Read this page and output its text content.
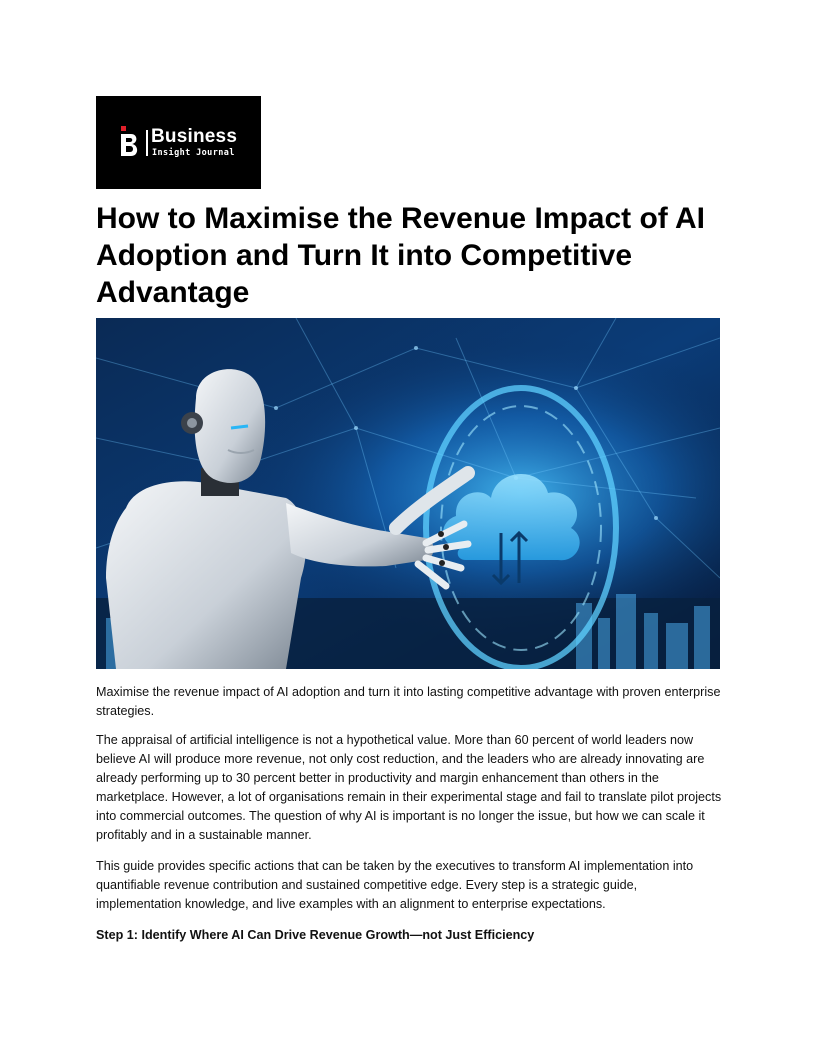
Business
Insight Journal
How to Maximise the Revenue Impact of AI Adoption and Turn It into Competitive Advantage

Maximise the revenue impact of AI adoption and turn it into lasting competitive advantage with proven enterprise strategies.

The appraisal of artificial intelligence is not a hypothetical value. More than 60 percent of world leaders now believe AI will produce more revenue, not only cost reduction, and the leaders who are already innovating are already performing up to 30 percent better in productivity and margin enhancement than others in the marketplace. However, a lot of organisations remain in their experimental stage and fail to translate pilot projects into commercial outcomes. The question of why AI is important is no longer the issue, but how we can scale it profitably and in a sustainable manner.

This guide provides specific actions that can be taken by the executives to transform AI implementation into quantifiable revenue contribution and sustained competitive edge. Every step is a strategic guide, implementation knowledge, and live examples with an alignment to enterprise expectations.

Step 1: Identify Where AI Can Drive Revenue Growth—not Just Efficiency
